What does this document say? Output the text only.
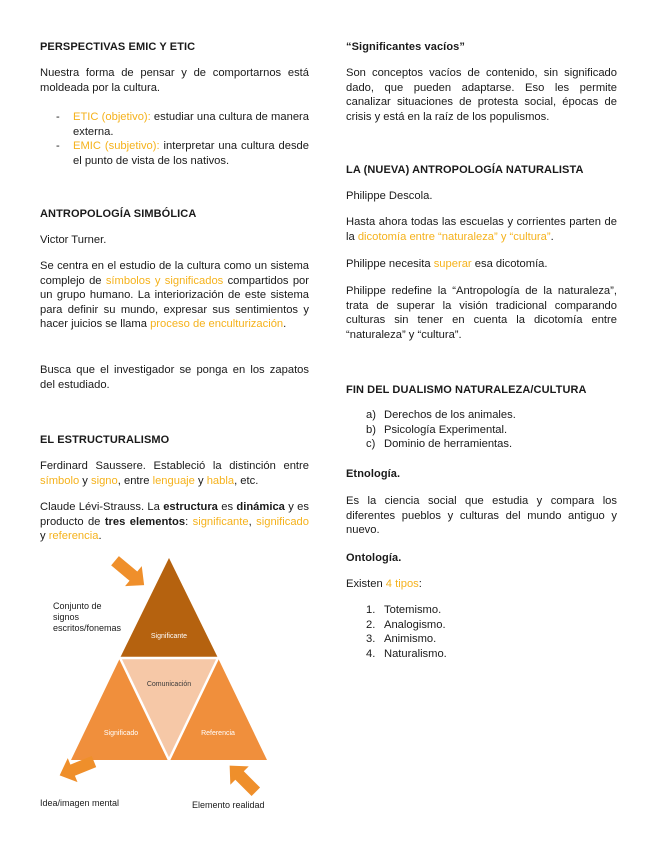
PERSPECTIVAS EMIC Y ETIC

Nuestra forma de pensar y de comportarnos está moldeada por la cultura.

- ETIC (objetivo): estudiar una cultura de manera externa.
- EMIC (subjetivo): interpretar una cultura desde el punto de vista de los nativos.
ANTROPOLOGÍA SIMBÓLICA

Victor Turner.

Se centra en el estudio de la cultura como un sistema complejo de símbolos y significados compartidos por un grupo humano. La interiorización de este sistema para definir su mundo, expresar sus sentimientos y hacer juicios se llama proceso de enculturización.

Busca que el investigador se ponga en los zapatos del estudiado.

EL ESTRUCTURALISMO

Ferdinard Saussere. Estableció la distinción entre símbolo y signo, entre lenguaje y habla, etc.

Claude Lévi-Strauss. La estructura es dinámica y es producto de tres elementos: significante, significado y referencia.

Significante
Comunicación
Significado	Referencia
Conjunto de signos escritos/fonemas
Idea/imagen mental	Elemento realidad
“Significantes vacíos”

Son conceptos vacíos de contenido, sin significado dado, que pueden adaptarse. Eso les permite canalizar situaciones de protesta social, épocas de crisis y está en la raíz de los populismos.

LA (NUEVA) ANTROPOLOGÍA NATURALISTA

Philippe Descola.

Hasta ahora todas las escuelas y corrientes parten de la dicotomía entre “naturaleza” y “cultura”.

Philippe necesita superar esa dicotomía.

Philippe redefine la “Antropología de la naturaleza”, trata de superar la visión tradicional comparando culturas sin tener en cuenta la dicotomía entre “naturaleza” y “cultura”.

FIN DEL DUALISMO NATURALEZA/CULTURA
a) Derechos de los animales.
b) Psicología Experimental.
c) Dominio de herramientas.
Etnología.

Es la ciencia social que estudia y compara los diferentes pueblos y culturas del mundo antiguo y nuevo.

Ontología.

Existen 4 tipos:

1. Totemismo.
2. Analogismo.
3. Animismo.
4. Naturalismo.
